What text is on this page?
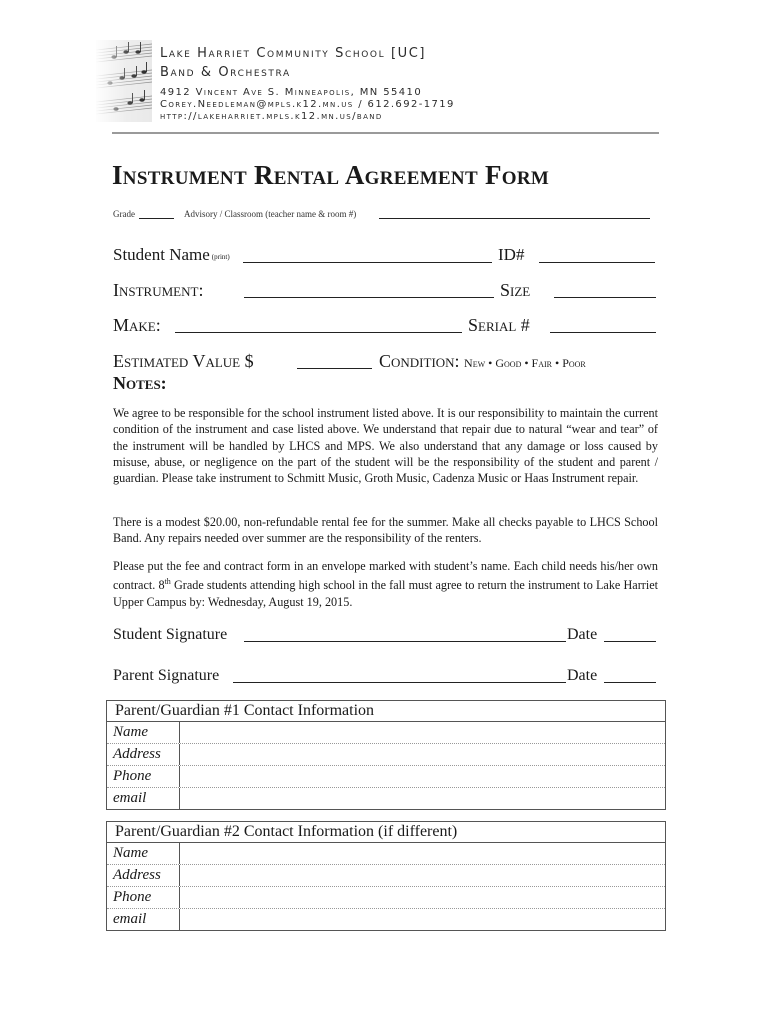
Lake Harriet Community School [UC]
Band & Orchestra
4912 Vincent Ave S. Minneapolis, MN 55410
Corey.Needleman@mpls.k12.mn.us / 612.692-1719
http://lakeharriet.mpls.k12.mn.us/band
Instrument Rental Agreement Form
Grade	Advisory / Classroom (teacher name & room #)
Student Name (print)	ID#
Instrument:	Size
Make:	Serial #
Estimated Value $	Condition: New • Good • Fair • Poor
Notes:

We agree to be responsible for the school instrument listed above. It is our responsibility to maintain the current condition of the instrument and case listed above. We understand that repair due to natural “wear and tear” of the instrument will be handled by LHCS and MPS. We also understand that any damage or loss caused by misuse, abuse, or negligence on the part of the student will be the responsibility of the student and parent / guardian. Please take instrument to Schmitt Music, Groth Music, Cadenza Music or Haas Instrument repair.

There is a modest $20.00, non-refundable rental fee for the summer. Make all checks payable to LHCS School Band. Any repairs needed over summer are the responsibility of the renters.

Please put the fee and contract form in an envelope marked with student’s name. Each child needs his/her own contract. 8th Grade students attending high school in the fall must agree to return the instrument to Lake Harriet Upper Campus by: Wednesday, August 19, 2015.

Student Signature	Date
Parent Signature	Date
Parent/Guardian #1 Contact Information
Name
Address
Phone
email
Parent/Guardian #2 Contact Information (if different)
Name
Address
Phone
email
